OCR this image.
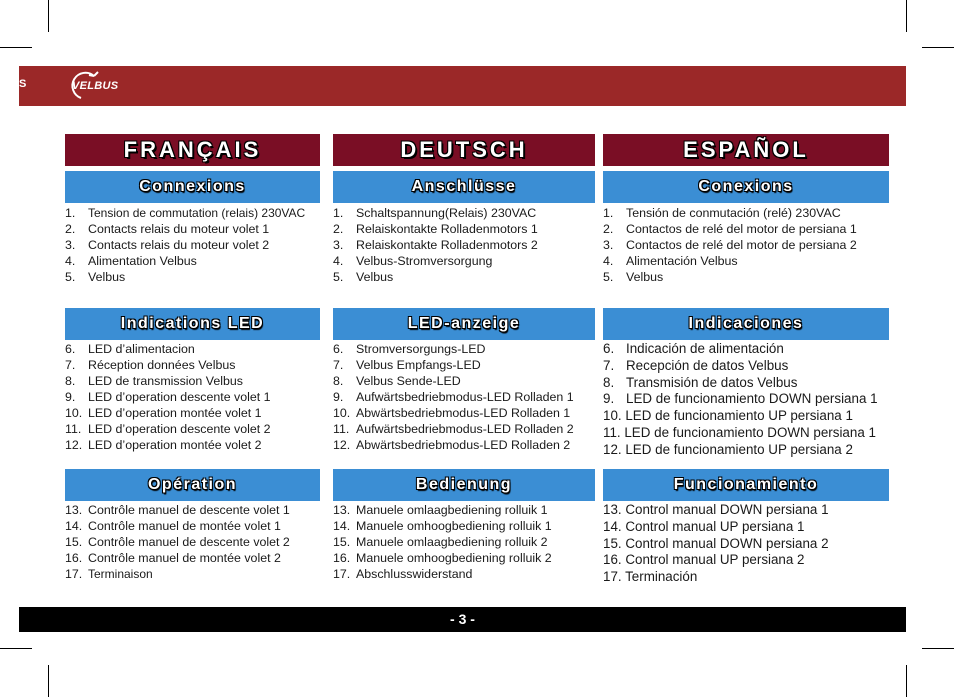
S	VELBUS
FRANÇAIS
Connexions
1. Tension de commutation (relais) 230VAC
2. Contacts relais du moteur volet 1
3. Contacts relais du moteur volet 2
4. Alimentation Velbus
5. Velbus
Indications LED
6. LED d’alimentacion
7. Réception données Velbus
8. LED de transmission Velbus
9. LED d’operation descente volet 1
10. LED d’operation montée volet 1
11. LED d’operation descente volet 2
12. LED d’operation montée volet 2
Opération
13. Contrôle manuel de descente volet 1
14. Contrôle manuel de montée volet 1
15. Contrôle manuel de descente volet 2
16. Contrôle manuel de montée volet 2
17. Terminaison
DEUTSCH
Anschlüsse
1. Schaltspannung(Relais) 230VAC
2. Relaiskontakte Rolladenmotors 1
3. Relaiskontakte Rolladenmotors 2
4. Velbus-Stromversorgung
5. Velbus
LED-anzeige
6. Stromversorgungs-LED
7. Velbus Empfangs-LED
8. Velbus Sende-LED
9. Aufwärtsbedriebmodus-LED Rolladen 1
10. Abwärtsbedriebmodus-LED Rolladen 1
11. Aufwärtsbedriebmodus-LED Rolladen 2
12. Abwärtsbedriebmodus-LED Rolladen 2
Bedienung
13. Manuele omlaagbediening rolluik 1
14. Manuele omhoogbediening rolluik 1
15. Manuele omlaagbediening rolluik 2
16. Manuele omhoogbediening rolluik 2
17. Abschlusswiderstand
ESPAÑOL
Conexions
1. Tensión de conmutación (relé) 230VAC
2. Contactos de relé del motor de persiana 1
3. Contactos de relé del motor de persiana 2
4. Alimentación Velbus
5. Velbus
Indicaciones
6. Indicación de alimentación
7. Recepción de datos Velbus
8. Transmisión de datos Velbus
9. LED de funcionamiento DOWN persiana 1
10. LED de funcionamiento UP persiana 1
11. LED de funcionamiento DOWN persiana 1
12. LED de funcionamiento UP persiana 2
Funcionamiento
13. Control manual DOWN persiana 1
14. Control manual UP persiana 1
15. Control manual DOWN persiana 2
16. Control manual UP persiana 2
17. Terminación
- 3 -
